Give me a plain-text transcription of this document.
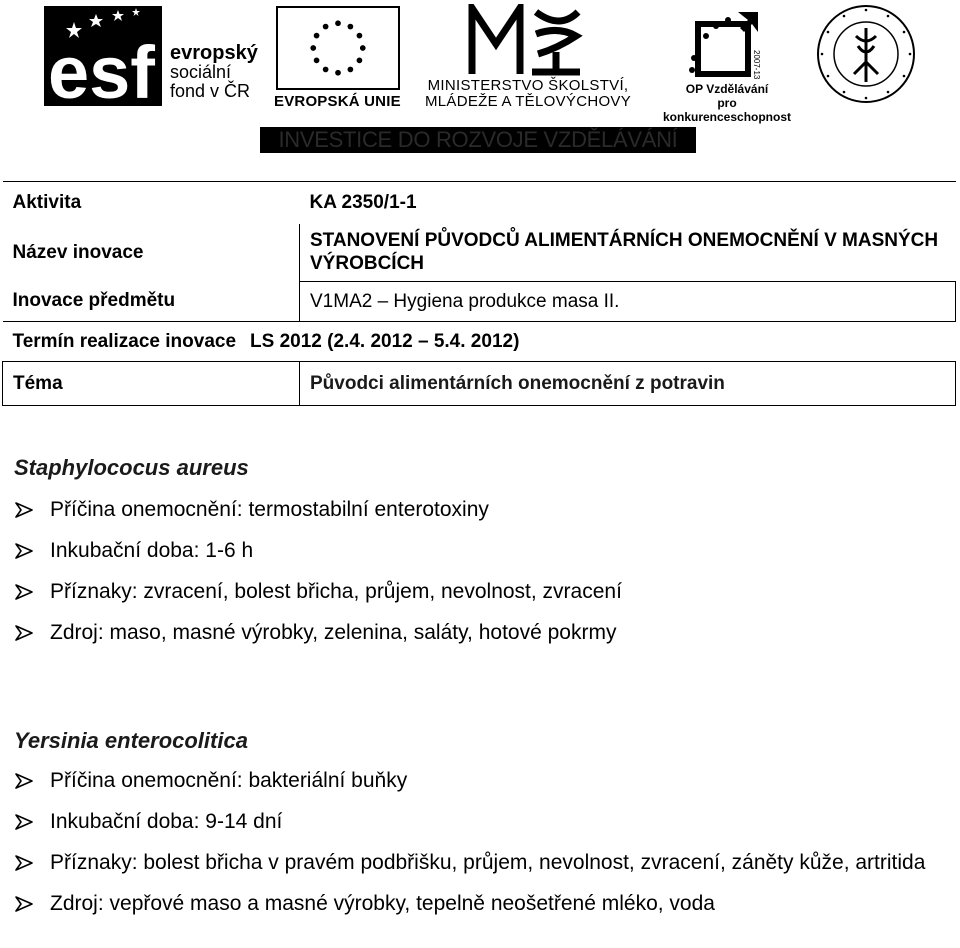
esf evropský
sociální
fond v ČR
EVROPSKÁ UNIE
MINISTERSTVO ŠKOLSTVÍ,
MLÁDEŽE A TĚLOVÝCHOVY
2007-13
OP Vzdělávání
pro konkurenceschopnost
INVESTICE DO ROZVOJE VZDĚLÁVÁNÍ
Aktivita	KA 2350/1-1
Název inovace	STANOVENÍ PŮVODCŮ ALIMENTÁRNÍCH ONEMOCNĚNÍ V MASNÝCH VÝROBCÍCH
Inovace předmětu	V1MA2 – Hygiena produkce masa II.
Termín realizace inovace LS 2012 (2.4. 2012 – 5.4. 2012)	
Téma	Původci alimentárních onemocnění z potravin
Staphylococus aureus
Příčina onemocnění: termostabilní enterotoxiny
Inkubační doba: 1-6 h
Příznaky: zvracení, bolest břicha, průjem, nevolnost, zvracení
Zdroj: maso, masné výrobky, zelenina, saláty, hotové pokrmy
Yersinia enterocolitica
Příčina onemocnění: bakteriální buňky
Inkubační doba: 9-14 dní
Příznaky: bolest břicha v pravém podbřišku, průjem, nevolnost, zvracení, záněty kůže, artritida
Zdroj: vepřové maso a masné výrobky, tepelně neošetřené mléko, voda
